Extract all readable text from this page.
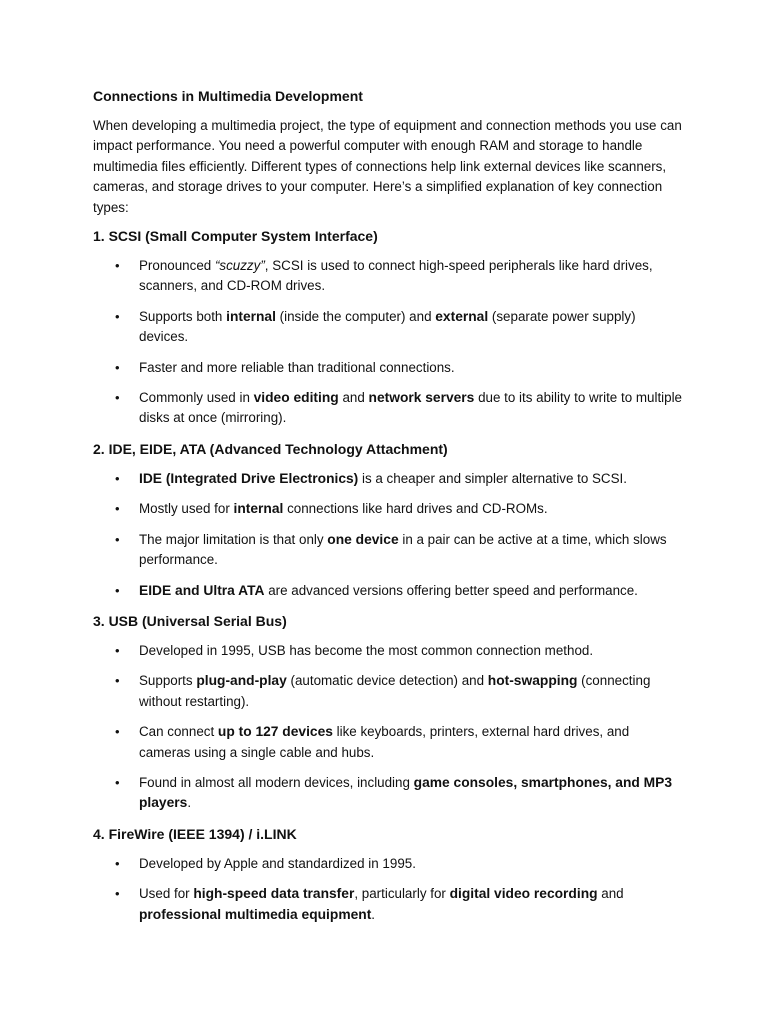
Connections in Multimedia Development

When developing a multimedia project, the type of equipment and connection methods you use can impact performance. You need a powerful computer with enough RAM and storage to handle multimedia files efficiently. Different types of connections help link external devices like scanners, cameras, and storage drives to your computer. Here’s a simplified explanation of key connection types:

1. SCSI (Small Computer System Interface)
• Pronounced “scuzzy”, SCSI is used to connect high-speed peripherals like hard drives, scanners, and CD-ROM drives.
• Supports both internal (inside the computer) and external (separate power supply) devices.
• Faster and more reliable than traditional connections.
• Commonly used in video editing and network servers due to its ability to write to multiple disks at once (mirroring).
2. IDE, EIDE, ATA (Advanced Technology Attachment)
• IDE (Integrated Drive Electronics) is a cheaper and simpler alternative to SCSI.
• Mostly used for internal connections like hard drives and CD-ROMs.
• The major limitation is that only one device in a pair can be active at a time, which slows performance.
• EIDE and Ultra ATA are advanced versions offering better speed and performance.
3. USB (Universal Serial Bus)
• Developed in 1995, USB has become the most common connection method.
• Supports plug-and-play (automatic device detection) and hot-swapping (connecting without restarting).
• Can connect up to 127 devices like keyboards, printers, external hard drives, and cameras using a single cable and hubs.
• Found in almost all modern devices, including game consoles, smartphones, and MP3 players.
4. FireWire (IEEE 1394) / i.LINK
• Developed by Apple and standardized in 1995.
• Used for high-speed data transfer, particularly for digital video recording and professional multimedia equipment.
